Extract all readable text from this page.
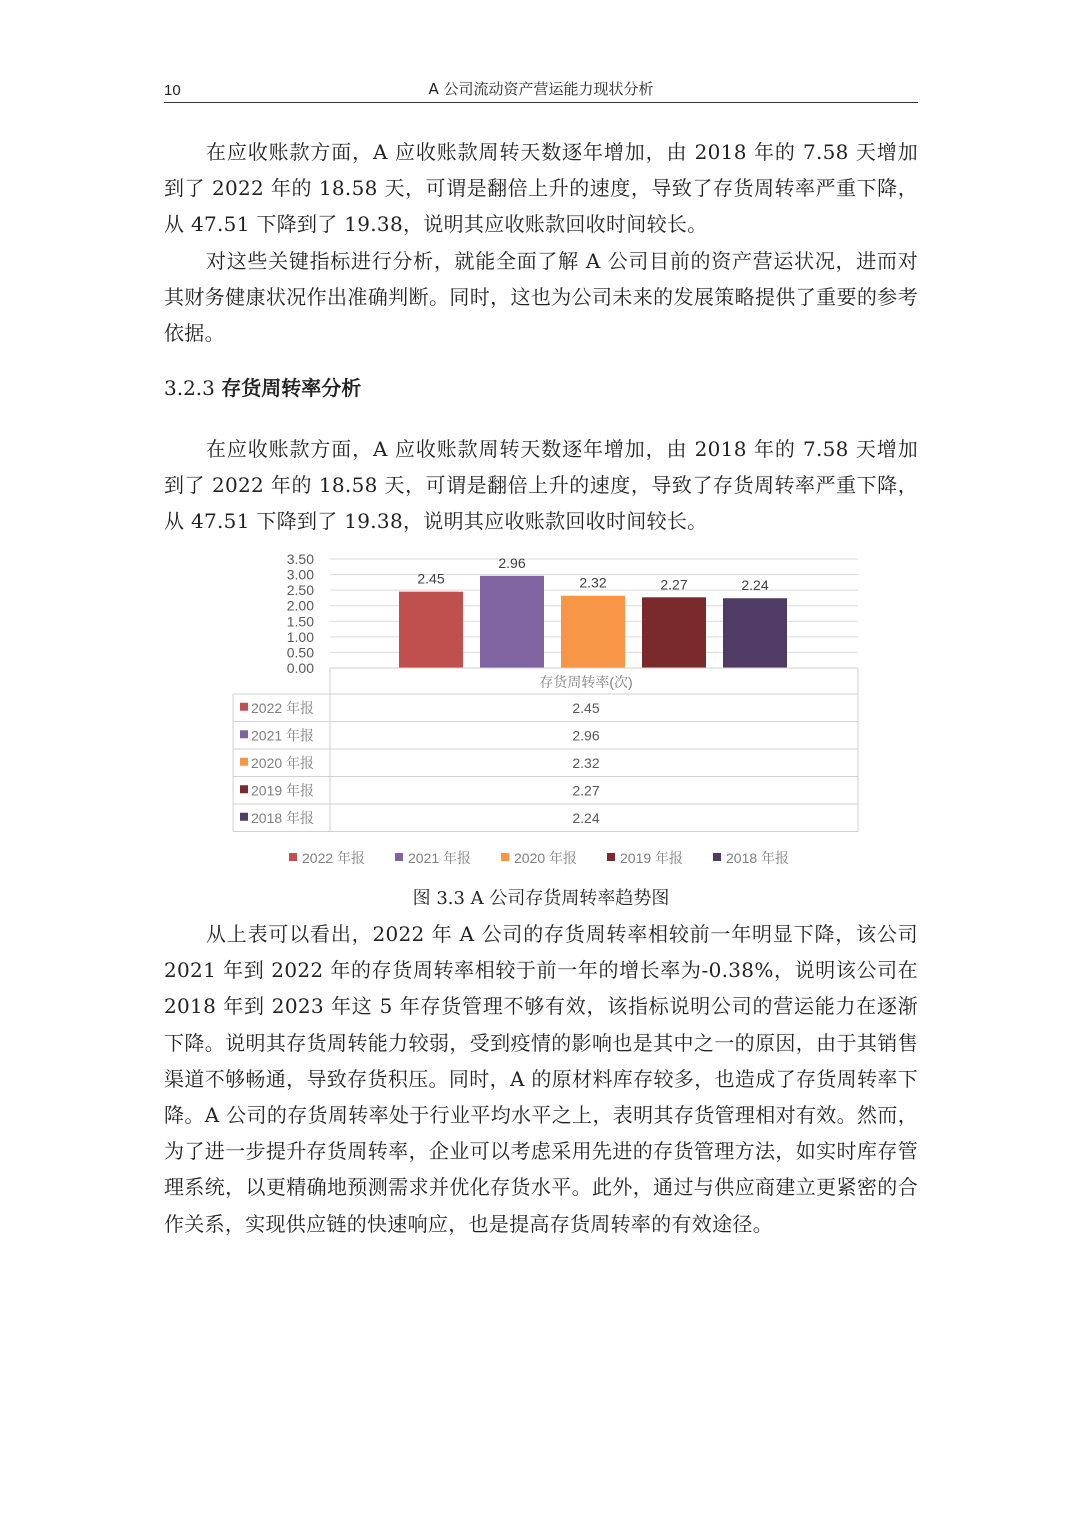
10	A 公司流动资产营运能力现状分析

在应收账款方面，A 应收账款周转天数逐年增加，由 2018 年的 7.58 天增加到了 2022 年的 18.58 天，可谓是翻倍上升的速度，导致了存货周转率严重下降，从 47.51 下降到了 19.38，说明其应收账款回收时间较长。

对这些关键指标进行分析，就能全面了解 A 公司目前的资产营运状况，进而对其财务健康状况作出准确判断。同时，这也为公司未来的发展策略提供了重要的参考依据。

3.2.3 存货周转率分析

在应收账款方面，A 应收账款周转天数逐年增加，由 2018 年的 7.58 天增加到了 2022 年的 18.58 天，可谓是翻倍上升的速度，导致了存货周转率严重下降，从 47.51 下降到了 19.38，说明其应收账款回收时间较长。

0.00
0.50
1.00
1.50
2.00
2.50
3.00
3.50
2.45
2.96
2.32	2.27	2.24
存货周转率(次)
2022 年报	2.45
2021 年报	2.96
2020 年报	2.32
2019 年报	2.27
2018 年报	2.24
2022 年报	2021 年报	2020 年报	2019 年报	2018 年报

图 3.3 A 公司存货周转率趋势图

从上表可以看出，2022 年 A 公司的存货周转率相较前一年明显下降，该公司 2021 年到 2022 年的存货周转率相较于前一年的增长率为-0.38%，说明该公司在 2018 年到 2023 年这 5 年存货管理不够有效，该指标说明公司的营运能力在逐渐下降。说明其存货周转能力较弱，受到疫情的影响也是其中之一的原因，由于其销售渠道不够畅通，导致存货积压。同时，A 的原材料库存较多，也造成了存货周转率下降。A 公司的存货周转率处于行业平均水平之上，表明其存货管理相对有效。然而，为了进一步提升存货周转率，企业可以考虑采用先进的存货管理方法，如实时库存管理系统，以更精确地预测需求并优化存货水平。此外，通过与供应商建立更紧密的合作关系，实现供应链的快速响应，也是提高存货周转率的有效途径。
